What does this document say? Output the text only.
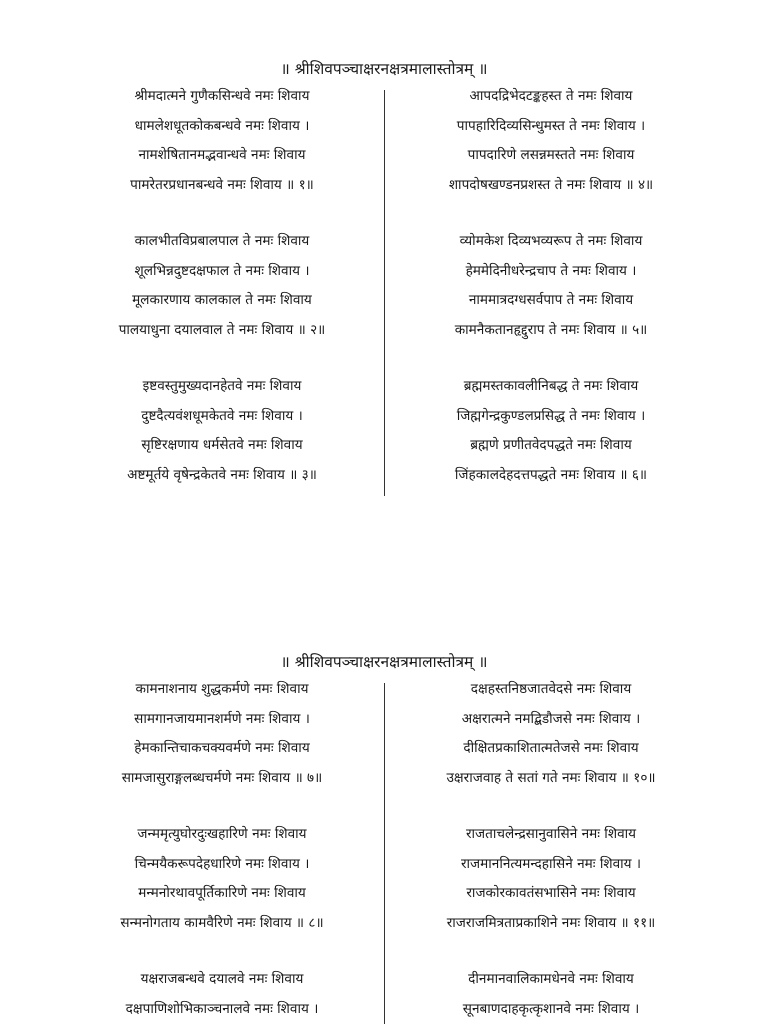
॥ श्रीशिवपञ्चाक्षरनक्षत्रमालास्तोत्रम् ॥
श्रीमदात्मने गुणैकसिन्धवे नमः शिवाय
धामलेशधूतकोकबन्धवे नमः शिवाय ।
नामशेषितानमद्भवान्धवे नमः शिवाय
पामरेतरप्रधानबन्धवे नमः शिवाय ॥ १॥
कालभीतविप्रबालपाल ते नमः शिवाय
शूलभिन्नदुष्टदक्षफाल ते नमः शिवाय ।
मूलकारणाय कालकाल ते नमः शिवाय
पालयाधुना दयालवाल ते नमः शिवाय ॥ २॥
इष्टवस्तुमुख्यदानहेतवे नमः शिवाय
दुष्टदैत्यवंशधूमकेतवे नमः शिवाय ।
सृष्टिरक्षणाय धर्मसेतवे नमः शिवाय
अष्टमूर्तये वृषेन्द्रकेतवे नमः शिवाय ॥ ३॥
आपदद्रिभेदटङ्कहस्त ते नमः शिवाय
पापहारिदिव्यसिन्धुमस्त ते नमः शिवाय ।
पापदारिणे लसन्नमस्तते नमः शिवाय
शापदोषखण्डनप्रशस्त ते नमः शिवाय ॥ ४॥
व्योमकेश दिव्यभव्यरूप ते नमः शिवाय
हेममेदिनीधरेन्द्रचाप ते नमः शिवाय ।
नाममात्रदग्धसर्वपाप ते नमः शिवाय
कामनैकतानहृद्दुराप ते नमः शिवाय ॥ ५॥
ब्रह्ममस्तकावलीनिबद्ध ते नमः शिवाय
जिह्मगेन्द्रकुण्डलप्रसिद्ध ते नमः शिवाय ।
ब्रह्मणे प्रणीतवेदपद्धते नमः शिवाय
जिंहकालदेहदत्तपद्धते नमः शिवाय ॥ ६॥
॥ श्रीशिवपञ्चाक्षरनक्षत्रमालास्तोत्रम् ॥
कामनाशनाय शुद्धकर्मणे नमः शिवाय
सामगानजायमानशर्मणे नमः शिवाय ।
हेमकान्तिचाकचक्यवर्मणे नमः शिवाय
सामजासुराङ्गलब्धचर्मणे नमः शिवाय ॥ ७॥
जन्ममृत्युघोरदुःखहारिणे नमः शिवाय
चिन्मयैकरूपदेहधारिणे नमः शिवाय ।
मन्मनोरथावपूर्तिकारिणे नमः शिवाय
सन्मनोगताय कामवैरिणे नमः शिवाय ॥ ८॥
यक्षराजबन्धवे दयालवे नमः शिवाय
दक्षपाणिशोभिकाञ्चनालवे नमः शिवाय ।
दक्षहस्तनिष्ठजातवेदसे नमः शिवाय
अक्षरात्मने नमद्बिडौजसे नमः शिवाय ।
दीक्षितप्रकाशितात्मतेजसे नमः शिवाय
उक्षराजवाह ते सतां गते नमः शिवाय ॥ १०॥
राजताचलेन्द्रसानुवासिने नमः शिवाय
राजमाननित्यमन्दहासिने नमः शिवाय ।
राजकोरकावतंसभासिने नमः शिवाय
राजराजमित्रताप्रकाशिने नमः शिवाय ॥ ११॥
दीनमानवालिकामधेनवे नमः शिवाय
सूनबाणदाहकृत्कृशानवे नमः शिवाय ।
